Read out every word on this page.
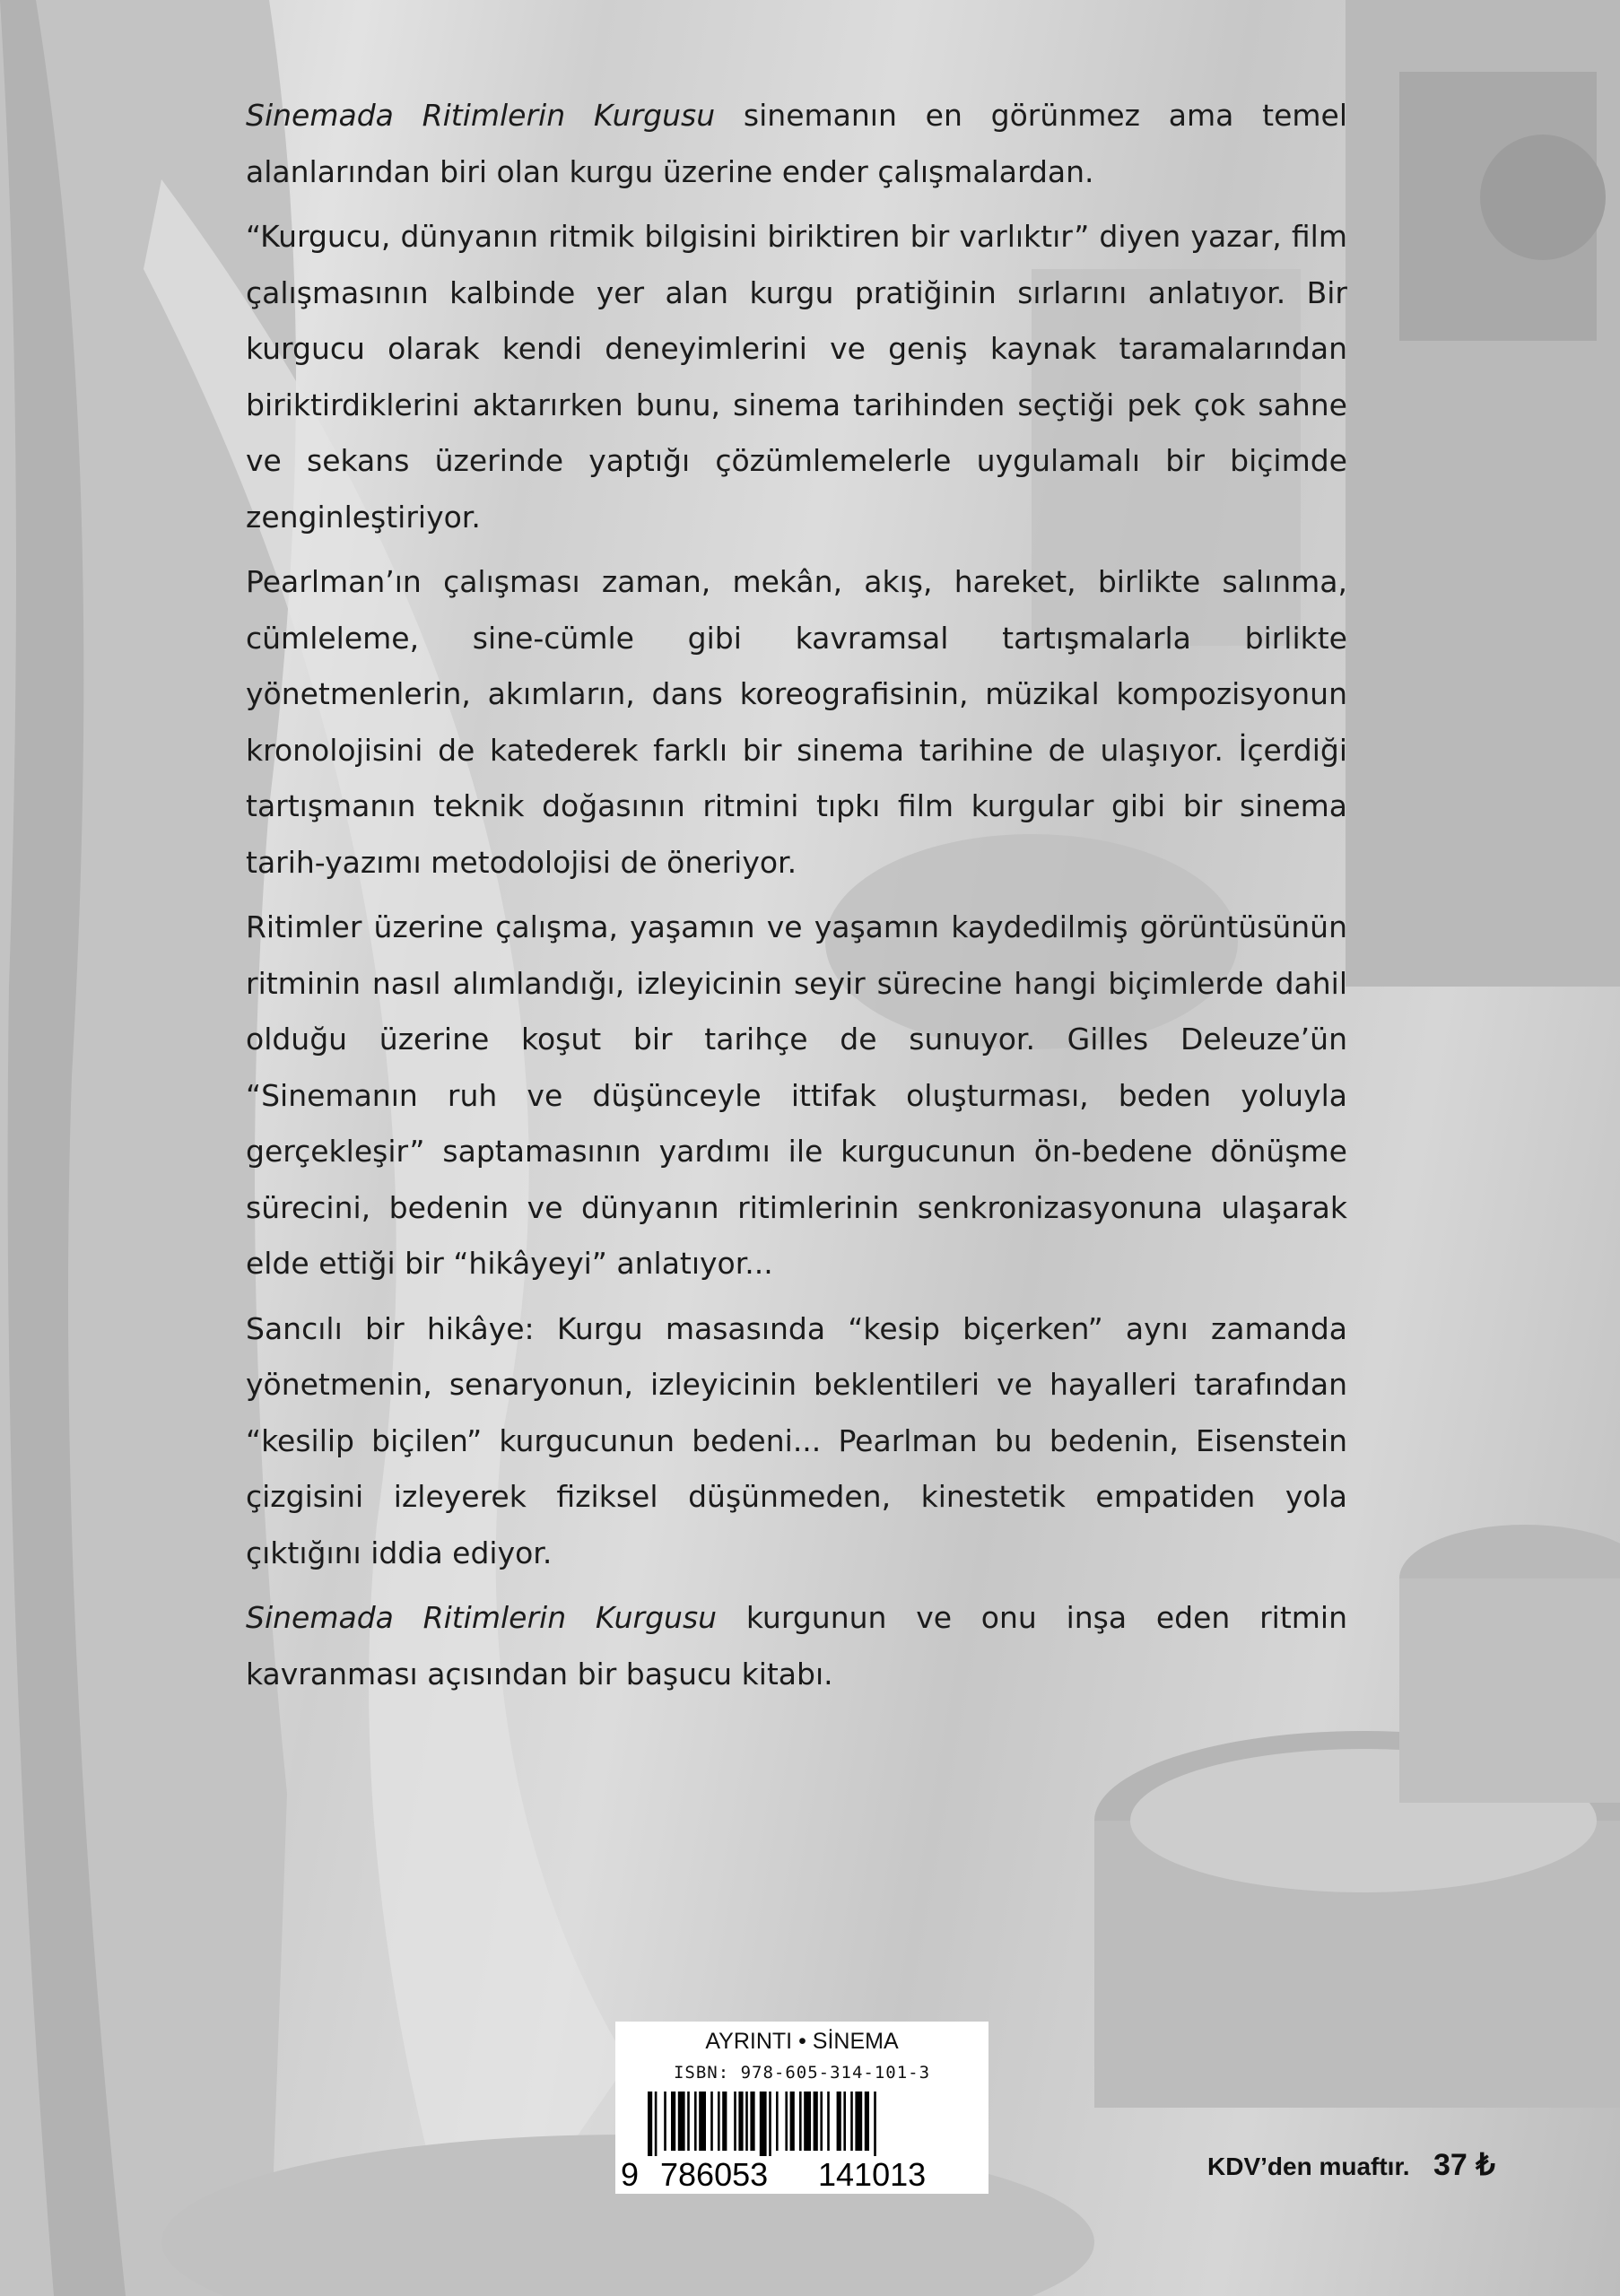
Sinemada Ritimlerin Kurgusu sinemanın en görünmez ama temel alanlarından biri olan kurgu üzerine ender çalışmalardan.

“Kurgucu, dünyanın ritmik bilgisini biriktiren bir varlıktır” diyen yazar, film çalışmasının kalbinde yer alan kurgu pratiğinin sırlarını anlatıyor. Bir kurgucu olarak kendi deneyimlerini ve geniş kaynak taramalarından biriktirdiklerini aktarırken bunu, sinema tarihinden seçtiği pek çok sahne ve sekans üzerinde yaptığı çözümlemelerle uygulamalı bir biçimde zenginleştiriyor.

Pearlman’ın çalışması zaman, mekân, akış, hareket, birlikte salınma, cümleleme, sine-cümle gibi kavramsal tartışmalarla birlikte yönetmenlerin, akımların, dans koreografisinin, müzikal kompozisyonun kronolojisini de katederek farklı bir sinema tarihine de ulaşıyor. İçerdiği tartışmanın teknik doğasının ritmini tıpkı film kurgular gibi bir sinema tarih-yazımı metodolojisi de öneriyor.

Ritimler üzerine çalışma, yaşamın ve yaşamın kaydedilmiş görüntüsünün ritminin nasıl alımlandığı, izleyicinin seyir sürecine hangi biçimlerde dahil olduğu üzerine koşut bir tarihçe de sunuyor. Gilles Deleuze’ün “Sinemanın ruh ve düşünceyle ittifak oluşturması, beden yoluyla gerçekleşir” saptamasının yardımı ile kurgucunun ön-bedene dönüşme sürecini, bedenin ve dünyanın ritimlerinin senkronizasyonuna ulaşarak elde ettiği bir “hikâyeyi” anlatıyor...

Sancılı bir hikâye: Kurgu masasında “kesip biçerken” aynı zamanda yönetmenin, senaryonun, izleyicinin beklentileri ve hayalleri tarafından “kesilip biçilen” kurgucunun bedeni... Pearlman bu bedenin, Eisenstein çizgisini izleyerek fiziksel düşünmeden, kinestetik empatiden yola çıktığını iddia ediyor.

Sinemada Ritimlerin Kurgusu kurgunun ve onu inşa eden ritmin kavranması açısından bir başucu kitabı.

AYRINTI • SİNEMA
ISBN: 978-605-314-101-3
9 786053 141013	KDV’den muaftır. 37 ₺
